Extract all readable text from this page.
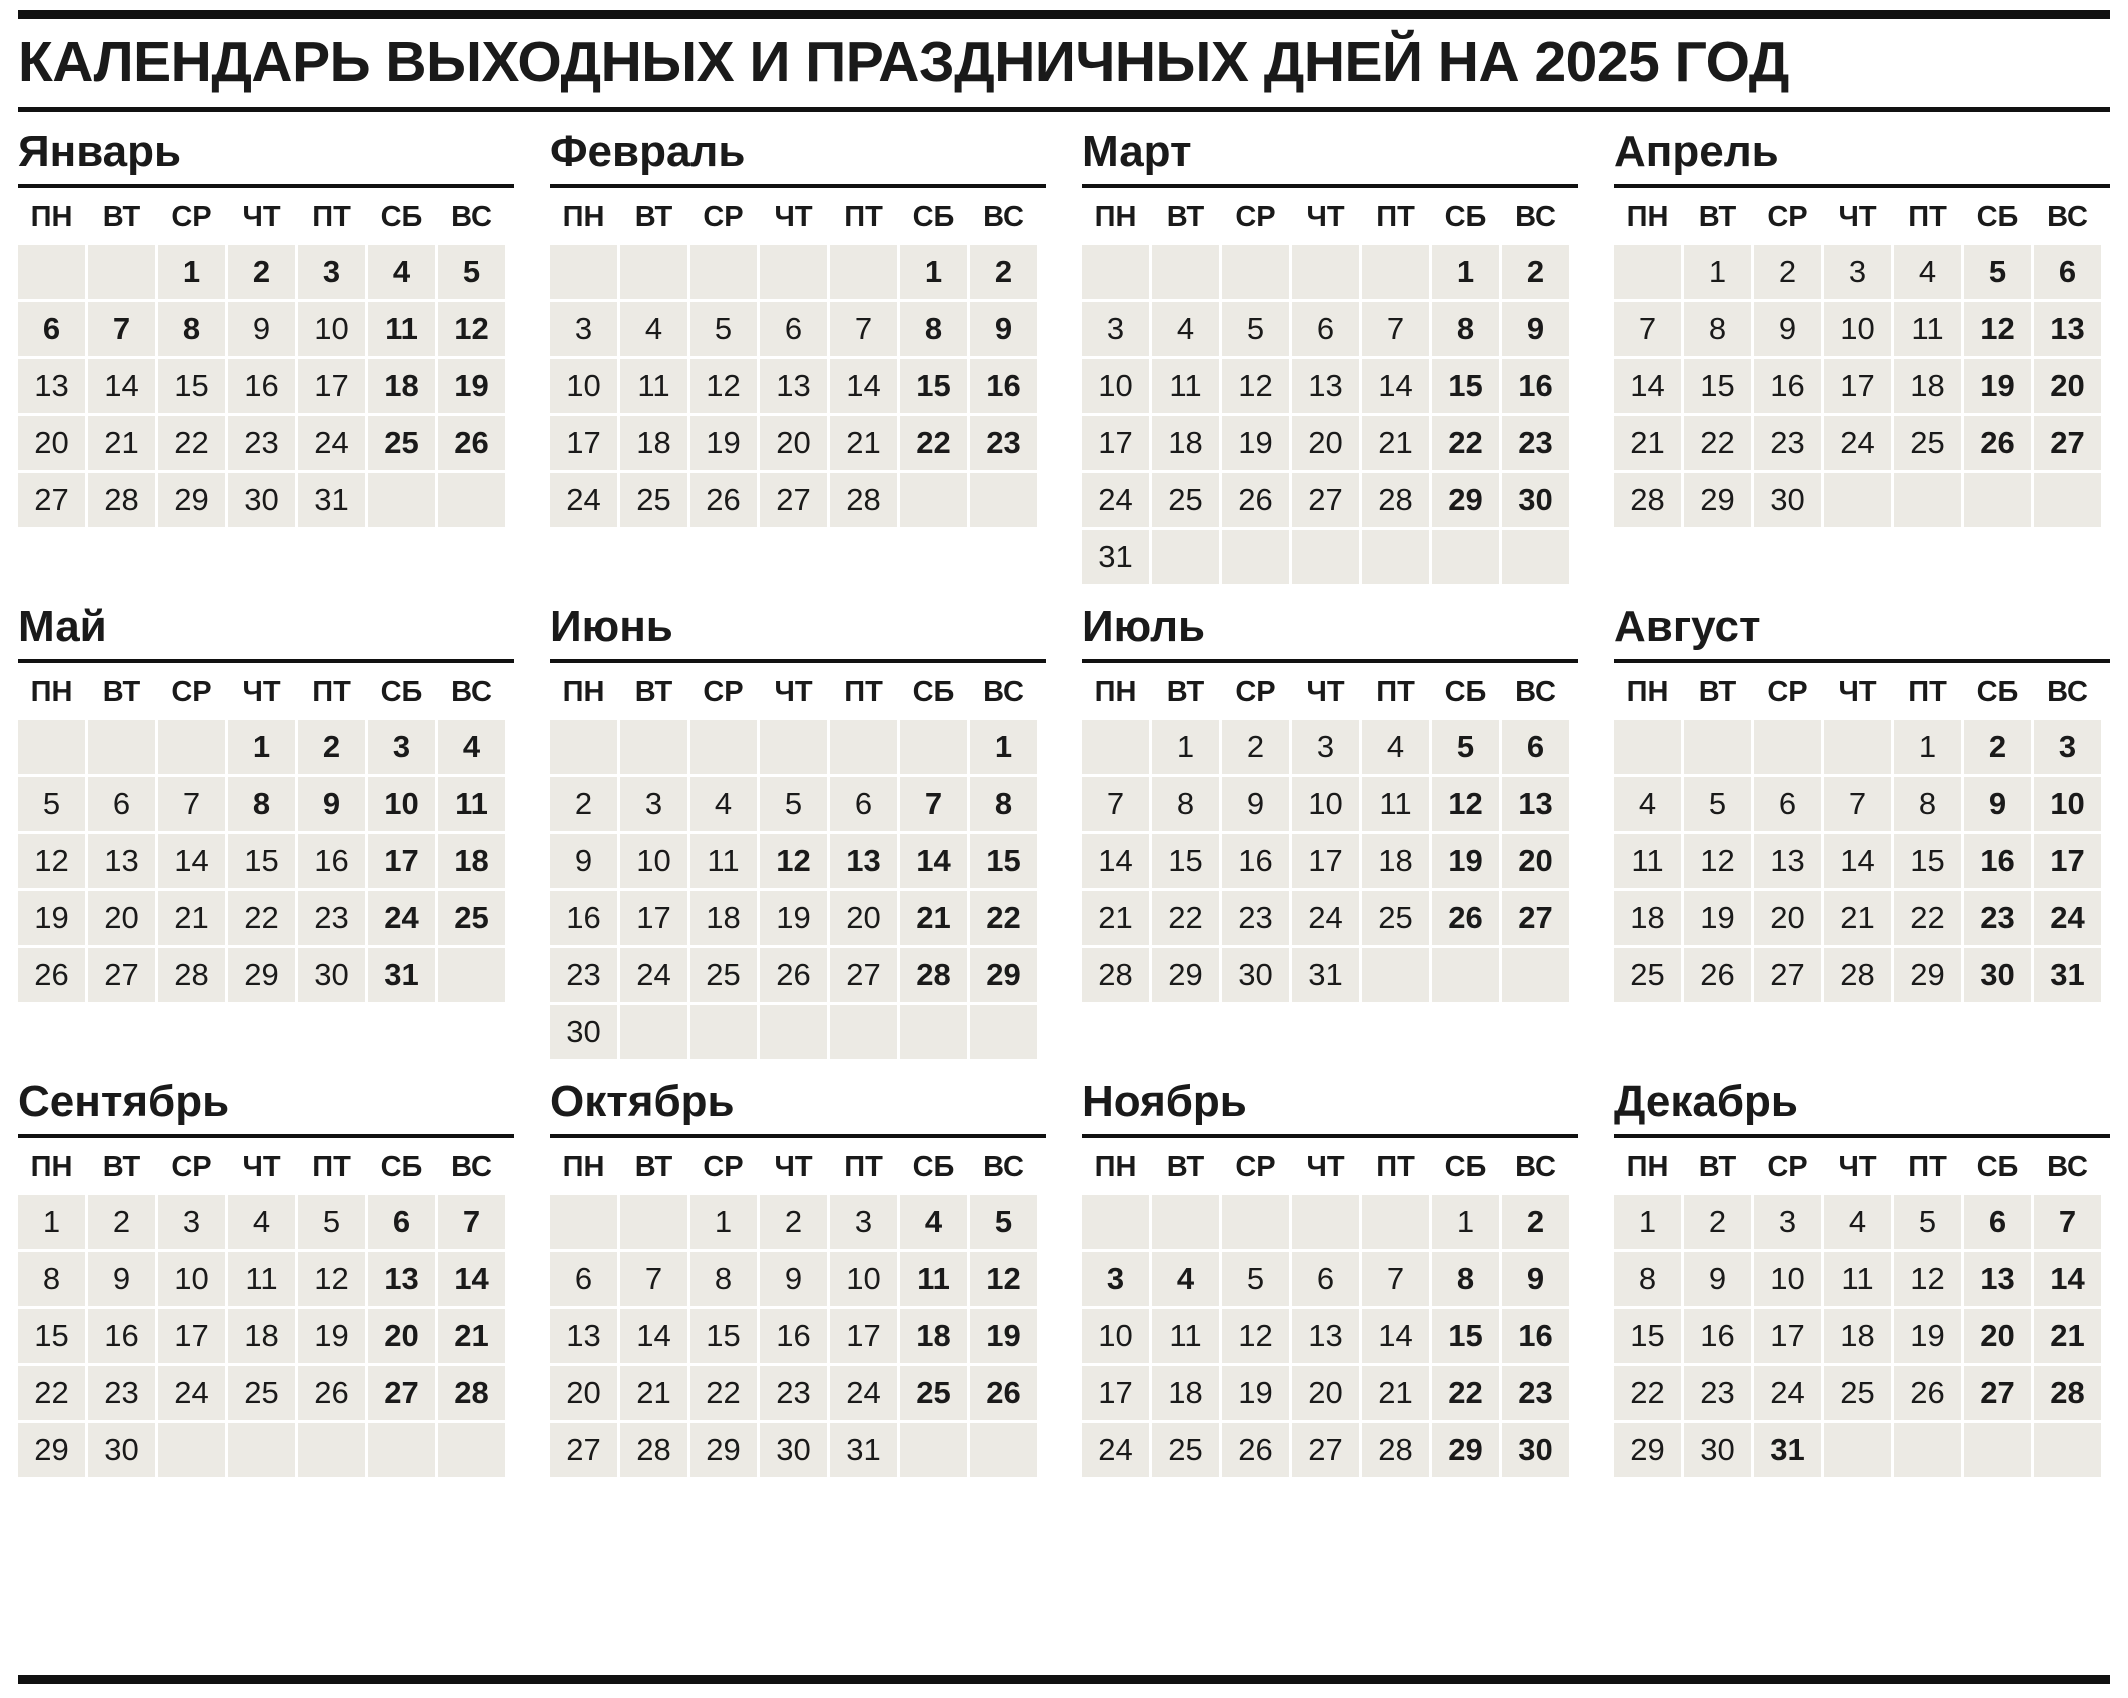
КАЛЕНДАРЬ ВЫХОДНЫХ И ПРАЗДНИЧНЫХ ДНЕЙ НА 2025 ГОД
Январь
ПН	ВТ	СР	ЧТ	ПТ	СБ	ВС
		1	2	3	4	5
6	7	8	9	10	11	12
13	14	15	16	17	18	19
20	21	22	23	24	25	26
27	28	29	30	31		
Февраль
ПН	ВТ	СР	ЧТ	ПТ	СБ	ВС
					1	2
3	4	5	6	7	8	9
10	11	12	13	14	15	16
17	18	19	20	21	22	23
24	25	26	27	28		
Март
ПН	ВТ	СР	ЧТ	ПТ	СБ	ВС
					1	2
3	4	5	6	7	8	9
10	11	12	13	14	15	16
17	18	19	20	21	22	23
24	25	26	27	28	29	30
31						
Апрель
ПН	ВТ	СР	ЧТ	ПТ	СБ	ВС
	1	2	3	4	5	6
7	8	9	10	11	12	13
14	15	16	17	18	19	20
21	22	23	24	25	26	27
28	29	30				
Май
ПН	ВТ	СР	ЧТ	ПТ	СБ	ВС
			1	2	3	4
5	6	7	8	9	10	11
12	13	14	15	16	17	18
19	20	21	22	23	24	25
26	27	28	29	30	31	
Июнь
ПН	ВТ	СР	ЧТ	ПТ	СБ	ВС
						1
2	3	4	5	6	7	8
9	10	11	12	13	14	15
16	17	18	19	20	21	22
23	24	25	26	27	28	29
30						
Июль
ПН	ВТ	СР	ЧТ	ПТ	СБ	ВС
	1	2	3	4	5	6
7	8	9	10	11	12	13
14	15	16	17	18	19	20
21	22	23	24	25	26	27
28	29	30	31			
Август
ПН	ВТ	СР	ЧТ	ПТ	СБ	ВС
				1	2	3
4	5	6	7	8	9	10
11	12	13	14	15	16	17
18	19	20	21	22	23	24
25	26	27	28	29	30	31
Сентябрь
ПН	ВТ	СР	ЧТ	ПТ	СБ	ВС
1	2	3	4	5	6	7
8	9	10	11	12	13	14
15	16	17	18	19	20	21
22	23	24	25	26	27	28
29	30					
Октябрь
ПН	ВТ	СР	ЧТ	ПТ	СБ	ВС
		1	2	3	4	5
6	7	8	9	10	11	12
13	14	15	16	17	18	19
20	21	22	23	24	25	26
27	28	29	30	31		
Ноябрь
ПН	ВТ	СР	ЧТ	ПТ	СБ	ВС
					1	2
3	4	5	6	7	8	9
10	11	12	13	14	15	16
17	18	19	20	21	22	23
24	25	26	27	28	29	30
Декабрь
ПН	ВТ	СР	ЧТ	ПТ	СБ	ВС
1	2	3	4	5	6	7
8	9	10	11	12	13	14
15	16	17	18	19	20	21
22	23	24	25	26	27	28
29	30	31				
